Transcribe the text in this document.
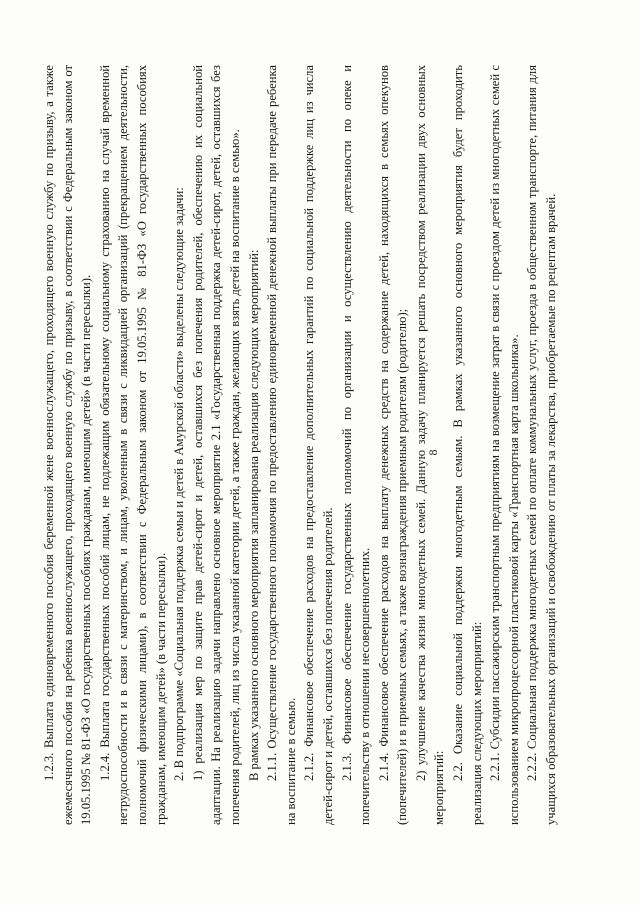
8

1.2.3. Выплата единовременного пособия беременной жене военнослужащего, проходящего военную службу по призыву, а также ежемесячного пособия на ребенка военнослужащего, проходящего военную службу по призыву, в соответствии с Федеральным законом от 19.05.1995 № 81-ФЗ «О государственных пособиях гражданам, имеющим детей» (в части пересылки). 1.2.4. Выплата государственных пособий лицам, не подлежащим обязательному социальному страхованию на случай временной нетрудоспособности и в связи с материнством, и лицам, уволенным в связи с ликвидацией организаций (прекращением деятельности, полномочий физическими лицами), в соответствии с Федеральным законом от 19.05.1995 № 81-ФЗ «О государственных пособиях гражданам, имеющим детей» (в части пересылки). 2. В подпрограмме «Социальная поддержка семьи и детей в Амурской области» выделены следующие задачи: 1) реализация мер по защите прав детей-сирот и детей, оставшихся без попечения родителей, обеспечению их социальной адаптации. На реализацию задачи направлено основное мероприятие 2.1 «Государственная поддержка детей-сирот, детей, оставшихся без попечения родителей, лиц из числа указанной категории детей, а также граждан, желающих взять детей на воспитание в семью». В рамках указанного основного мероприятия запланирована реализация следующих мероприятий: 2.1.1. Осуществление государственного полномочия по предоставлению единовременной денежной выплаты при передаче ребенка на воспитание в семью. 2.1.2. Финансовое обеспечение расходов на предоставление дополнительных гарантий по социальной поддержке лиц из числа детей-сирот и детей, оставшихся без попечения родителей. 2.1.3. Финансовое обеспечение государственных полномочий по организации и осуществлению деятельности по опеке и попечительству в отношении несовершеннолетних. 2.1.4. Финансовое обеспечение расходов на выплату денежных средств на содержание детей, находящихся в семьях опекунов (попечителей) и в приемных семьях, а также вознаграждения приемным родителям (родителю); 2) улучшение качества жизни многодетных семей. Данную задачу планируется решать посредством реализации двух основных мероприятий:

2.2. Оказание социальной поддержки многодетным семьям. В рамках указанного основного мероприятия будет проходить реализация следующих мероприятий: 2.2.1. Субсидии пассажирским транспортным предприятиям на возмещение затрат в связи с проездом детей из многодетных семей с использованием микропроцессорной пластиковой карты «Транспортная карта школьника». 2.2.2. Социальная поддержка многодетных семей по оплате коммунальных услуг, проезда в общественном транспорте, питания для учащихся образовательных организаций и освобождению от платы за лекарства, приобретаемые по рецептам врачей.
